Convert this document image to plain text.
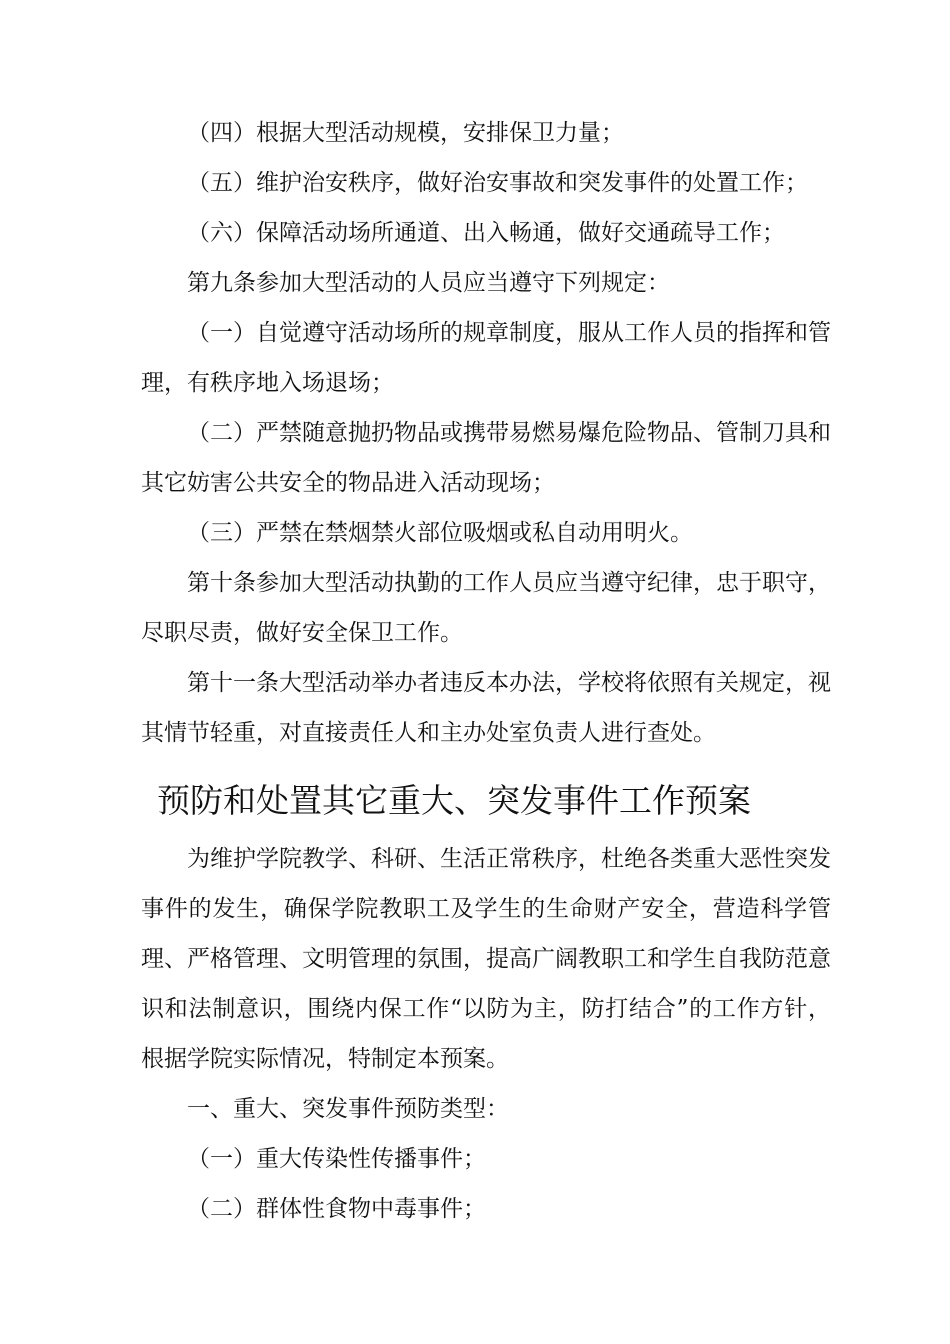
（四）根据大型活动规模，安排保卫力量；

（五）维护治安秩序，做好治安事故和突发事件的处置工作；

（六）保障活动场所通道、出入畅通，做好交通疏导工作；

第九条参加大型活动的人员应当遵守下列规定：

（一）自觉遵守活动场所的规章制度，服从工作人员的指挥和管理，有秩序地入场退场；

（二）严禁随意抛扔物品或携带易燃易爆危险物品、管制刀具和其它妨害公共安全的物品进入活动现场；

（三）严禁在禁烟禁火部位吸烟或私自动用明火。

第十条参加大型活动执勤的工作人员应当遵守纪律，忠于职守，尽职尽责，做好安全保卫工作。

第十一条大型活动举办者违反本办法，学校将依照有关规定，视其情节轻重，对直接责任人和主办处室负责人进行查处。

预防和处置其它重大、突发事件工作预案

为维护学院教学、科研、生活正常秩序，杜绝各类重大恶性突发事件的发生，确保学院教职工及学生的生命财产安全，营造科学管理、严格管理、文明管理的氛围，提高广阔教职工和学生自我防范意识和法制意识，围绕内保工作“以防为主，防打结合”的工作方针，根据学院实际情况，特制定本预案。

一、重大、突发事件预防类型：

（一）重大传染性传播事件；

（二）群体性食物中毒事件；
